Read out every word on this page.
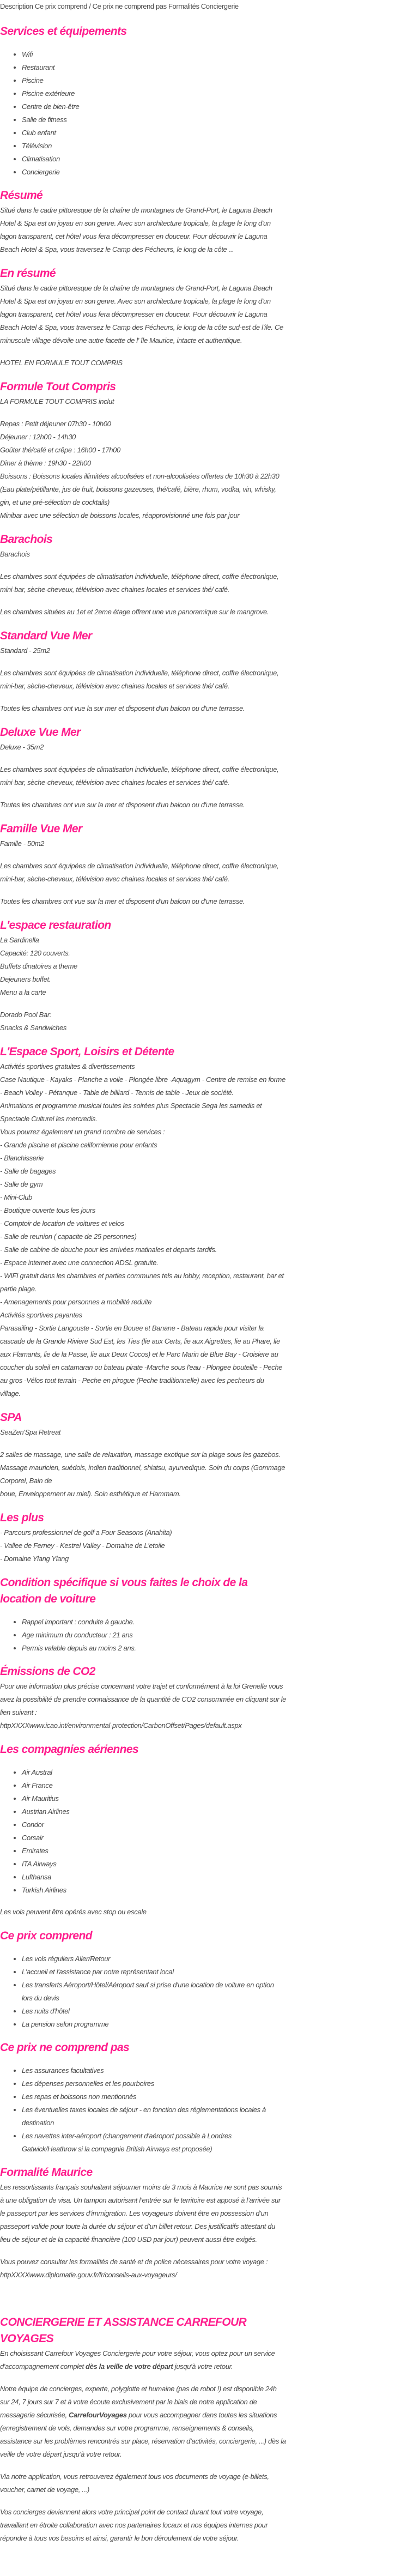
Description Ce prix comprend / Ce prix ne comprend pas Formalités Conciergerie

Services et équipements
• Wifi
• Restaurant
• Piscine
• Piscine extérieure
• Centre de bien-être
• Salle de fitness
• Club enfant
• Télévision
• Climatisation
• Conciergerie
Résumé

Situé dans le cadre pittoresque de la chaîne de montagnes de Grand-Port, le Laguna Beach Hotel & Spa est un joyau en son genre. Avec son architecture tropicale, la plage le long d'un lagon transparent, cet hôtel vous fera décompresser en douceur. Pour découvrir le Laguna Beach Hotel & Spa, vous traversez le Camp des Pécheurs, le long de la côte ...

En résumé

Situé dans le cadre pittoresque de la chaîne de montagnes de Grand-Port, le Laguna Beach Hotel & Spa est un joyau en son genre. Avec son architecture tropicale, la plage le long d'un lagon transparent, cet hôtel vous fera décompresser en douceur. Pour découvrir le Laguna Beach Hotel & Spa, vous traversez le Camp des Pécheurs, le long de la côte sud-est de l'île. Ce minuscule village dévoile une autre facette de l' île Maurice, intacte et authentique.

HOTEL EN FORMULE TOUT COMPRIS

Formule Tout Compris

LA FORMULE TOUT COMPRIS inclut

Repas : Petit déjeuner 07h30 - 10h00
Déjeuner : 12h00 - 14h30
Goûter thé/café et crêpe : 16h00 - 17h00
Dîner à thème : 19h30 - 22h00
Boissons : Boissons locales illimitées alcoolisées et non-alcoolisées offertes de 10h30 à 22h30 (Eau plate/pétillante, jus de fruit, boissons gazeuses, thé/café, bière, rhum, vodka, vin, whisky, gin, et une pré-sélection de cocktails)
Minibar avec une sélection de boissons locales, réapprovisionné une fois par jour

Barachois

Barachois

Les chambres sont équipées de climatisation individuelle, téléphone direct, coffre électronique, mini-bar, sèche-cheveux, télévision avec chaines locales et services thé/ café.

Les chambres situées au 1et et 2eme étage offrent une vue panoramique sur le mangrove.

Standard Vue Mer

Standard - 25m2

Les chambres sont équipées de climatisation individuelle, téléphone direct, coffre électronique, mini-bar, sèche-cheveux, télévision avec chaines locales et services thé/ café.

Toutes les chambres ont vue la sur mer et disposent d'un balcon ou d'une terrasse.

Deluxe Vue Mer

Deluxe - 35m2

Les chambres sont équipées de climatisation individuelle, téléphone direct, coffre électronique, mini-bar, sèche-cheveux, télévision avec chaines locales et services thé/ café.

Toutes les chambres ont vue sur la mer et disposent d'un balcon ou d'une terrasse.

Famille Vue Mer

Famille - 50m2

Les chambres sont équipées de climatisation individuelle, téléphone direct, coffre électronique, mini-bar, sèche-cheveux, télévision avec chaines locales et services thé/ café.

Toutes les chambres ont vue sur la mer et disposent d'un balcon ou d'une terrasse.

L'espace restauration

La Sardinella
Capacité: 120 couverts.
Buffets dinatoires a theme
Dejeuners buffet.
Menu a la carte

Dorado Pool Bar:
Snacks & Sandwiches

L'Espace Sport, Loisirs et Détente

Activités sportives gratuites & divertissements
Case Nautique - Kayaks - Planche a voile - Plongée libre -Aquagym - Centre de remise en forme - Beach Volley - Pétanque - Table de billiard - Tennis de table - Jeux de société.
Animations et programme musical toutes les soirées plus Spectacle Sega les samedis et Spectacle Culturel les mercredis.
Vous pourrez également un grand nombre de services :
- Grande piscine et piscine californienne pour enfants
- Blanchisserie
- Salle de bagages
- Salle de gym
- Mini-Club
- Boutique ouverte tous les jours
- Comptoir de location de voitures et velos
- Salle de reunion ( capacite de 25 personnes)
- Salle de cabine de douche pour les arrivées matinales et departs tardifs.
- Espace internet avec une connection ADSL gratuite.
- WIFI gratuit dans les chambres et parties communes tels au lobby, reception, restaurant, bar et partie plage.
- Amenagements pour personnes a mobilité reduite
Activités sportives payantes
Parasailing - Sortie Langouste - Sortie en Bouee et Banane - Bateau rapide pour visiter la cascade de la Grande Riviere Sud Est, les Ties (lie aux Certs, lie aux Aigrettes, lie au Phare, lie aux Flamants, lie de la Passe, lie aux Deux Cocos) et le Parc Marin de Blue Bay - Croisiere au coucher du soleil en catamaran ou bateau pirate -Marche sous l'eau - Plongee bouteille - Peche au gros -Vélos tout terrain - Peche en pirogue (Peche traditionnelle) avec les pecheurs du village.

SPA

SeaZen'Spa Retreat

2 salles de massage, une salle de relaxation, massage exotique sur la plage sous les gazebos. Massage mauricien, suédois, indien traditionnel, shiatsu, ayurvedique. Soin du corps (Gommage Corporel, Bain de
boue, Enveloppement au miel). Soin esthétique et Hammam.

Les plus

- Parcours professionnel de golf a Four Seasons (Anahita)
- Vallee de Ferney - Kestrel Valley - Domaine de L'etoile
- Domaine Ylang Ylang

Condition spécifique si vous faites le choix de la location de voiture
• Rappel important : conduite à gauche.
• Age minimum du conducteur : 21 ans
• Permis valable depuis au moins 2 ans.
Émissions de CO2

Pour une information plus précise concernant votre trajet et conformément à la loi Grenelle vous avez la possibilité de prendre connaissance de la quantité de CO2 consommée en cliquant sur le lien suivant :
httpXXXXwww.icao.int/environmental-protection/CarbonOffset/Pages/default.aspx

Les compagnies aériennes
• Air Austral
• Air France
• Air Mauritius
• Austrian Airlines
• Condor
• Corsair
• Emirates
• ITA Airways
• Lufthansa
• Turkish Airlines

Les vols peuvent être opérés avec stop ou escale

Ce prix comprend
• Les vols réguliers Aller/Retour
• L'accueil et l'assistance par notre représentant local
• Les transferts Aéroport/Hôtel/Aéroport sauf si prise d'une location de voiture en option lors du devis
• Les nuits d'hôtel
• La pension selon programme
Ce prix ne comprend pas
• Les assurances facultatives
• Les dépenses personnelles et les pourboires
• Les repas et boissons non mentionnés
• Les éventuelles taxes locales de séjour - en fonction des réglementations locales à destination
• Les navettes inter-aéroport (changement d'aéroport possible à Londres Gatwick/Heathrow si la compagnie British Airways est proposée)
Formalité Maurice

Les ressortissants français souhaitant séjourner moins de 3 mois à Maurice ne sont pas soumis à une obligation de visa. Un tampon autorisant l’entrée sur le territoire est apposé à l’arrivée sur le passeport par les services d’immigration. Les voyageurs doivent être en possession d’un passeport valide pour toute la durée du séjour et d’un billet retour. Des justificatifs attestant du lieu de séjour et de la capacité financière (100 USD par jour) peuvent aussi être exigés.

Vous pouvez consulter les formalités de santé et de police nécessaires pour votre voyage :
httpXXXXwww.diplomatie.gouv.fr/fr/conseils-aux-voyageurs/

CONCIERGERIE ET ASSISTANCE CARREFOUR VOYAGES

En choisissant Carrefour Voyages Conciergerie pour votre séjour, vous optez pour un service d'accompagnement complet dès la veille de votre départ jusqu'à votre retour.

Notre équipe de concierges, experte, polyglotte et humaine (pas de robot !) est disponible 24h sur 24, 7 jours sur 7 et à votre écoute exclusivement par le biais de notre application de messagerie sécurisée, CarrefourVoyages pour vous accompagner dans toutes les situations (enregistrement de vols, demandes sur votre programme, renseignements & conseils, assistance sur les problèmes rencontrés sur place, réservation d’activités, conciergerie, ...) dès la veille de votre départ jusqu’à votre retour.

Via notre application, vous retrouverez également tous vos documents de voyage (e-billets, voucher, carnet de voyage, ...)

Vos concierges deviennent alors votre principal point de contact durant tout votre voyage, travaillant en étroite collaboration avec nos partenaires locaux et nos équipes internes pour répondre à tous vos besoins et ainsi, garantir le bon déroulement de votre séjour.
